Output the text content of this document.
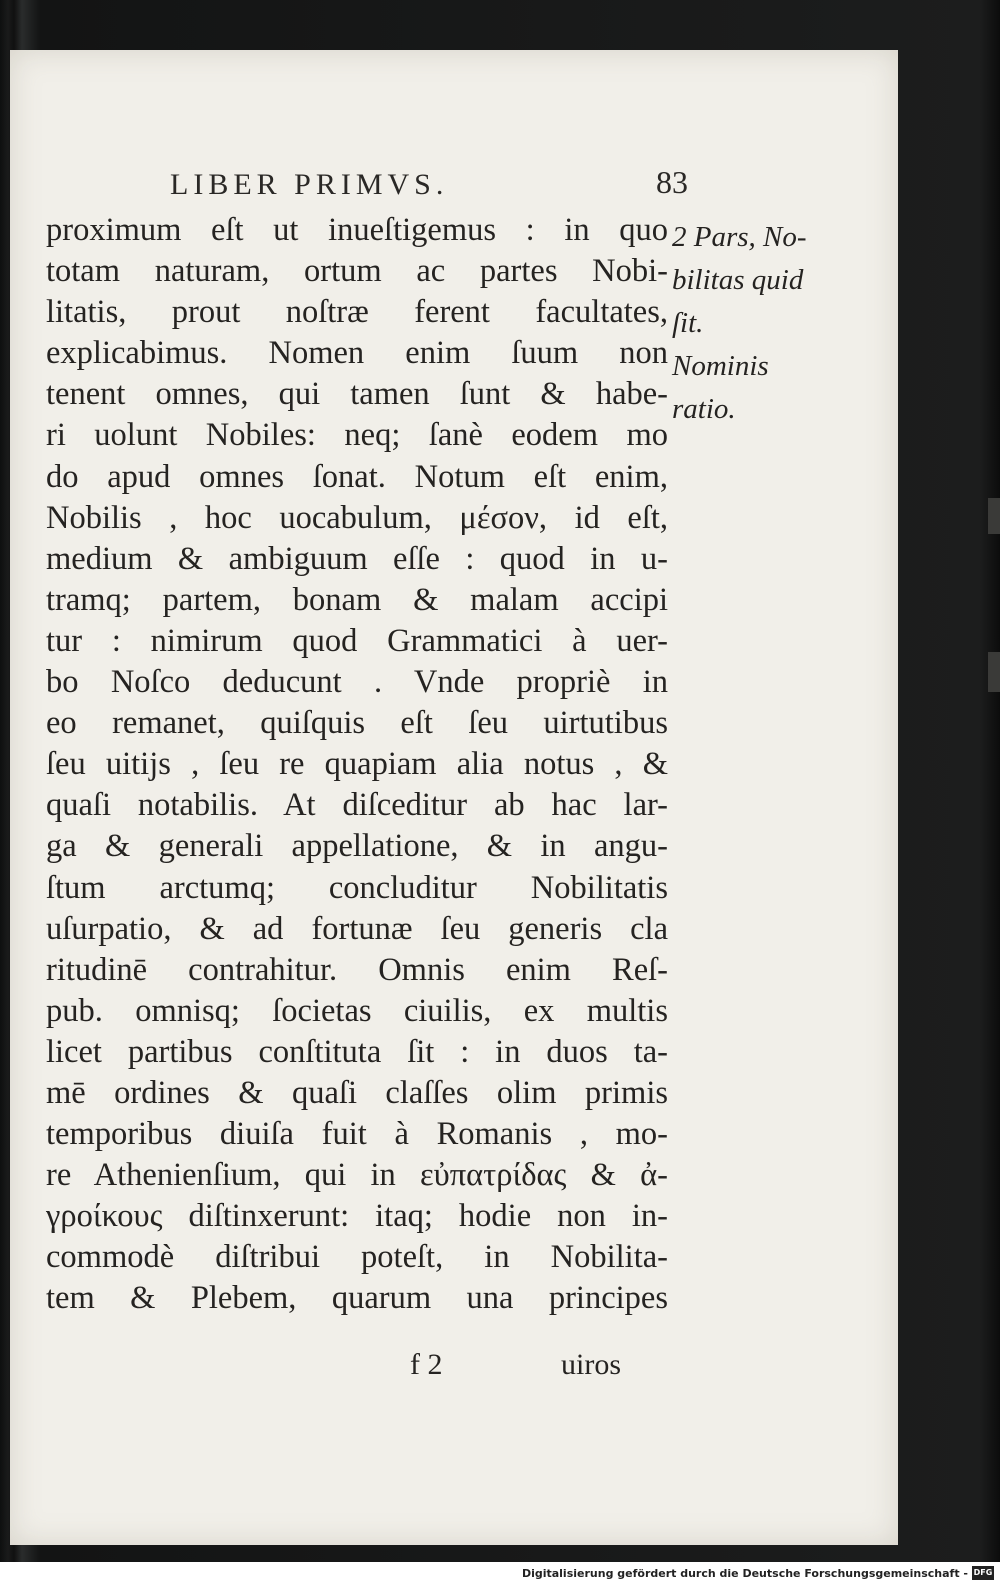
LIBER PRIMVS.	83
proximum eſt ut inueſtigemus : in quo
totam naturam, ortum ac partes Nobi-
litatis, prout noſtræ ferent facultates,
explicabimus. Nomen enim ſuum non
tenent omnes, qui tamen ſunt & habe-
ri uolunt Nobiles: neq; ſanè eodem mo
do apud omnes ſonat. Notum eſt enim,
Nobilis , hoc uocabulum, μέσον, id eſt,
medium & ambiguum eſſe : quod in u-
tramq; partem, bonam & malam accipi
tur : nimirum quod Grammatici à uer-
bo Noſco deducunt . Vnde propriè in
eo remanet, quiſquis eſt ſeu uirtutibus
ſeu uitijs , ſeu re quapiam alia notus , &
quaſi notabilis. At diſceditur ab hac lar-
ga & generali appellatione, & in angu-
ſtum arctumq; concluditur Nobilitatis
uſurpatio, & ad fortunæ ſeu generis cla
ritudinē contrahitur. Omnis enim Reſ-
pub. omnisq; ſocietas ciuilis, ex multis
licet partibus conſtituta ſit : in duos ta-
mē ordines & quaſi claſſes olim primis
temporibus diuiſa fuit à Romanis , mo-
re Athenienſium, qui in εὐπατρίδας & ἀ-
γροίκους diſtinxerunt: itaq; hodie non in-
commodè diſtribui poteſt, in Nobilita-
tem & Plebem, quarum una principes
2 Pars, No-
bilitas quid
ſit.
Nominis
ratio.
f 2	uiros
Digitalisierung gefördert durch die Deutsche Forschungsgemeinschaft - DFG
